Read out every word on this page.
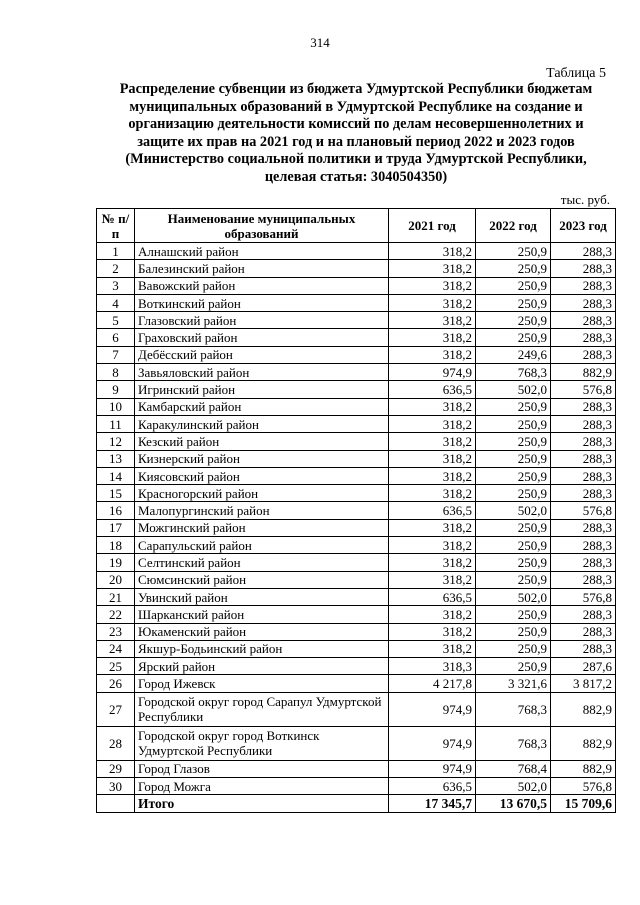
314
Таблица 5
Распределение субвенции из бюджета Удмуртской Республики бюджетам
муниципальных образований в Удмуртской Республике на создание и
организацию деятельности комиссий по делам несовершеннолетних и
защите их прав на 2021 год и на плановый период 2022 и 2023 годов
(Министерство социальной политики и труда Удмуртской Республики,
целевая статья: 3040504350)
тыс. руб.
№ п/п	Наименование муниципальных образований	2021 год	2022 год	2023 год
1	Алнашский район	318,2	250,9	288,3
2	Балезинский район	318,2	250,9	288,3
3	Вавожский район	318,2	250,9	288,3
4	Воткинский район	318,2	250,9	288,3
5	Глазовский район	318,2	250,9	288,3
6	Граховский район	318,2	250,9	288,3
7	Дебёсский район	318,2	249,6	288,3
8	Завьяловский район	974,9	768,3	882,9
9	Игринский район	636,5	502,0	576,8
10	Камбарский район	318,2	250,9	288,3
11	Каракулинский район	318,2	250,9	288,3
12	Кезский район	318,2	250,9	288,3
13	Кизнерский район	318,2	250,9	288,3
14	Киясовский район	318,2	250,9	288,3
15	Красногорский район	318,2	250,9	288,3
16	Малопургинский район	636,5	502,0	576,8
17	Можгинский район	318,2	250,9	288,3
18	Сарапульский район	318,2	250,9	288,3
19	Селтинский район	318,2	250,9	288,3
20	Сюмсинский район	318,2	250,9	288,3
21	Увинский район	636,5	502,0	576,8
22	Шарканский район	318,2	250,9	288,3
23	Юкаменский район	318,2	250,9	288,3
24	Якшур-Бодьинский район	318,2	250,9	288,3
25	Ярский район	318,3	250,9	287,6
26	Город Ижевск	4 217,8	3 321,6	3 817,2
27	Городской округ город Сарапул Удмуртской Республики	974,9	768,3	882,9
28	Городской округ город Воткинск Удмуртской Республики	974,9	768,3	882,9
29	Город Глазов	974,9	768,4	882,9
30	Город Можга	636,5	502,0	576,8
	Итого	17 345,7	13 670,5	15 709,6
